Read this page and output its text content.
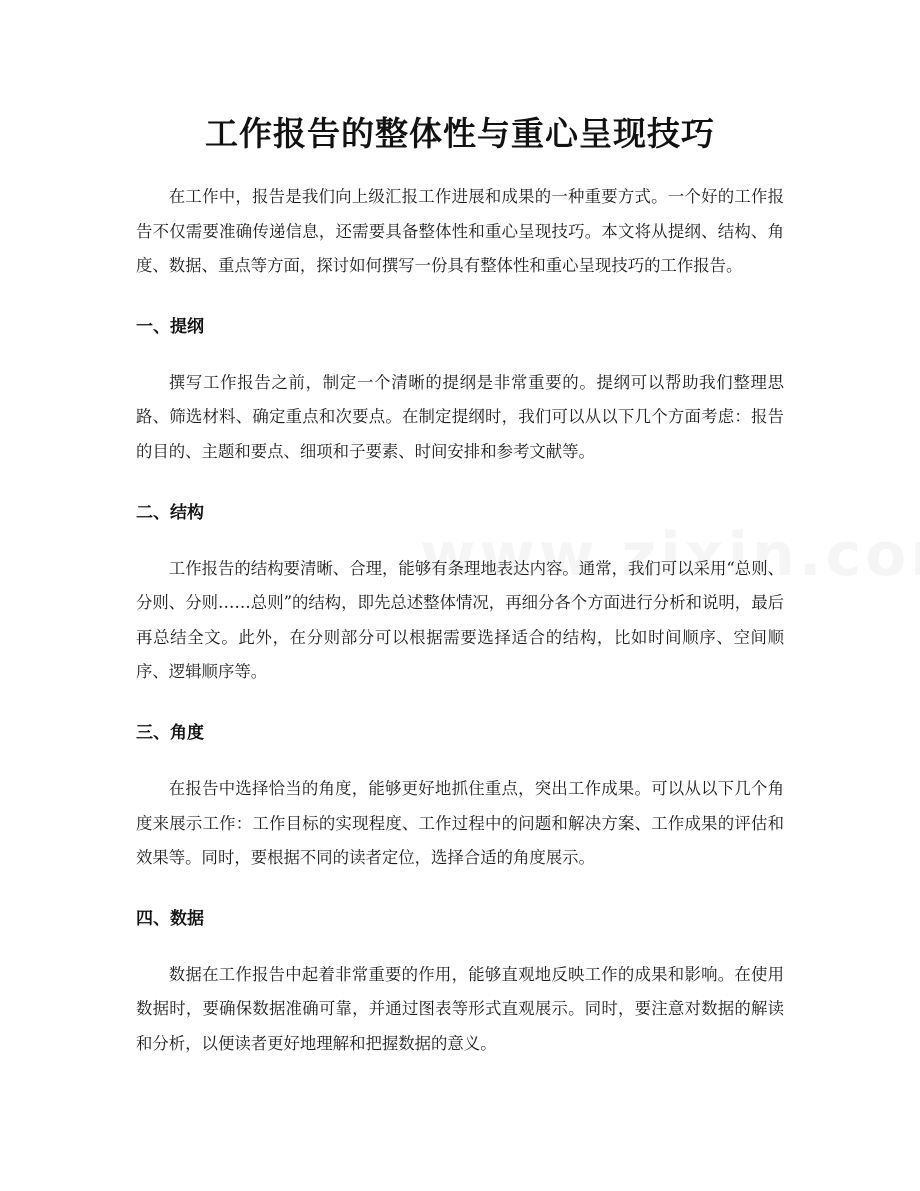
工作报告的整体性与重心呈现技巧

在工作中，报告是我们向上级汇报工作进展和成果的一种重要方式。一个好的工作报告不仅需要准确传递信息，还需要具备整体性和重心呈现技巧。本文将从提纲、结构、角度、数据、重点等方面，探讨如何撰写一份具有整体性和重心呈现技巧的工作报告。

一、提纲

撰写工作报告之前，制定一个清晰的提纲是非常重要的。提纲可以帮助我们整理思路、筛选材料、确定重点和次要点。在制定提纲时，我们可以从以下几个方面考虑：报告的目的、主题和要点、细项和子要素、时间安排和参考文献等。

二、结构

工作报告的结构要清晰、合理，能够有条理地表达内容。通常，我们可以采用“总则、分则、分则……总则”的结构，即先总述整体情况，再细分各个方面进行分析和说明，最后再总结全文。此外，在分则部分可以根据需要选择适合的结构，比如时间顺序、空间顺序、逻辑顺序等。

三、角度

在报告中选择恰当的角度，能够更好地抓住重点，突出工作成果。可以从以下几个角度来展示工作：工作目标的实现程度、工作过程中的问题和解决方案、工作成果的评估和效果等。同时，要根据不同的读者定位，选择合适的角度展示。

四、数据

数据在工作报告中起着非常重要的作用，能够直观地反映工作的成果和影响。在使用数据时，要确保数据准确可靠，并通过图表等形式直观展示。同时，要注意对数据的解读和分析，以便读者更好地理解和把握数据的意义。
